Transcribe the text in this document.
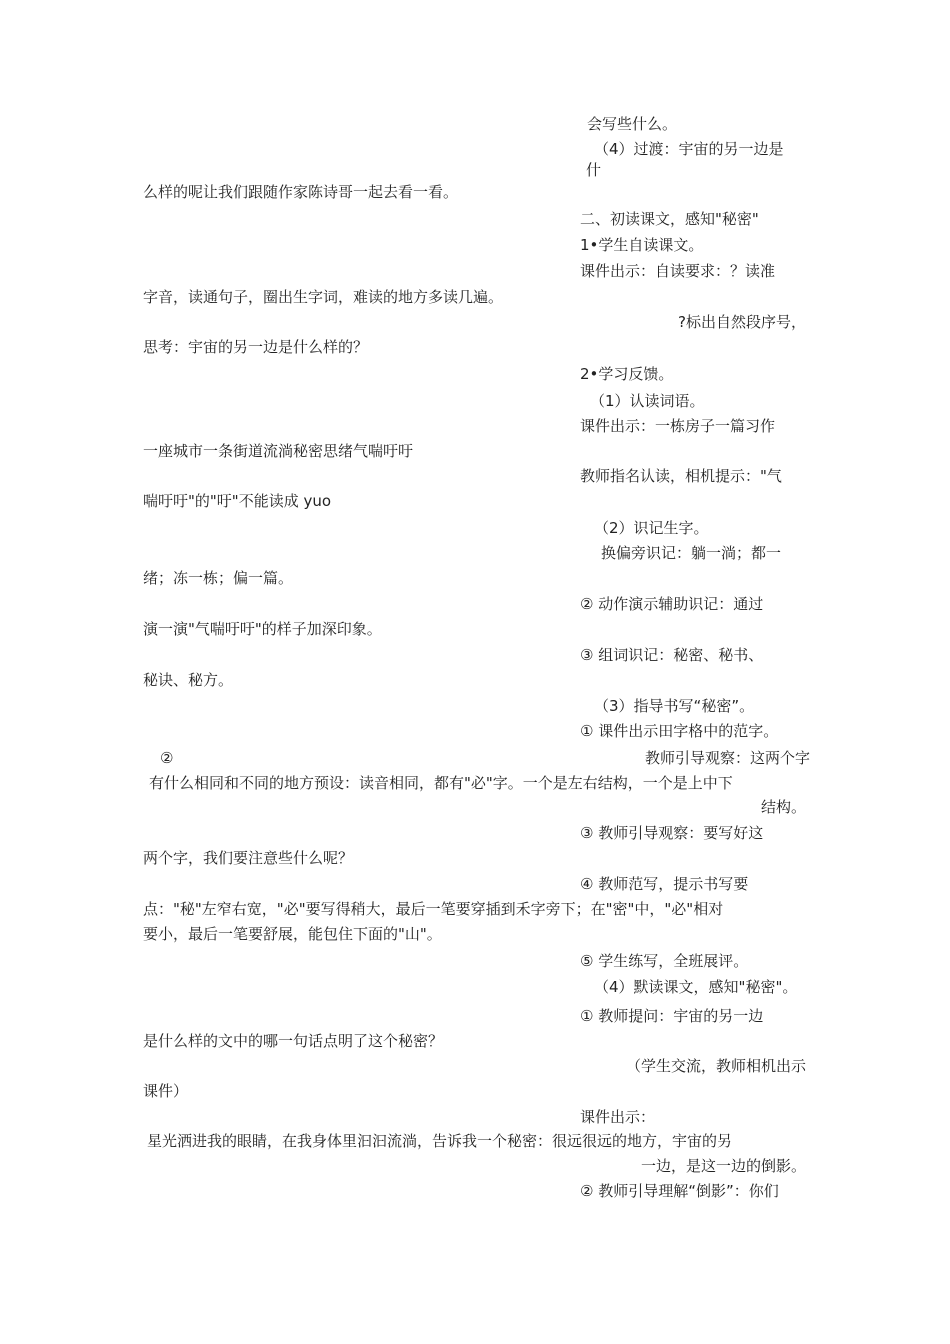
会写些什么。
（4）过渡：宇宙的另一边是
什
么样的呢让我们跟随作家陈诗哥一起去看一看。
二、初读课文，感知"秘密"
1•学生自读课文。
课件出示：自读要求：？读准
字音，读通句子，圈出生字词，难读的地方多读几遍。
?标出自然段序号，
思考：宇宙的另一边是什么样的？
2•学习反馈。
（1）认读词语。
课件出示：一栋房子一篇习作
一座城市一条街道流淌秘密思绪气喘吁吁
教师指名认读，相机提示："气
喘吁吁"的"吁"不能读成 yuo
（2）识记生字。
换偏旁识记：躺一淌；都一
绪；冻一栋；偏一篇。
② 动作演示辅助识记：通过
演一演"气喘吁吁"的样子加深印象。
③ 组词识记：秘密、秘书、
秘诀、秘方。
（3）指导书写“秘密”。
① 课件出示田字格中的范字。
②	教师引导观察：这两个字
有什么相同和不同的地方预设：读音相同，都有"必"字。一个是左右结构，一个是上中下
结构。
③ 教师引导观察：要写好这
两个字，我们要注意些什么呢？
④ 教师范写，提示书写要
点："秘"左窄右宽，"必"要写得稍大，最后一笔要穿插到禾字旁下；在"密"中，"必"相对
要小，最后一笔要舒展，能包住下面的"山"。
⑤ 学生练写，全班展评。
（4）默读课文，感知"秘密"。
① 教师提问：宇宙的另一边
是什么样的文中的哪一句话点明了这个秘密？
（学生交流，教师相机出示
课件）
课件出示：
星光洒进我的眼睛，在我身体里汩汩流淌，告诉我一个秘密：很远很远的地方，宇宙的另
一边，是这一边的倒影。
② 教师引导理解“倒影”：你们
